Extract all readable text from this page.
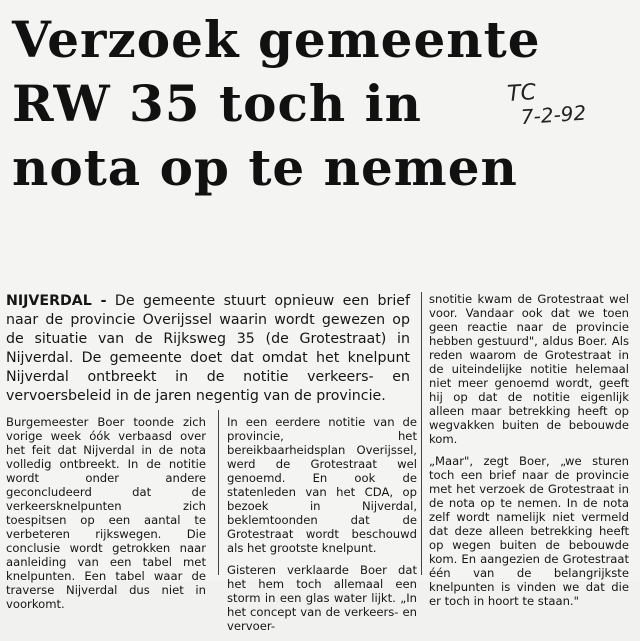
Verzoek gemeente
RW 35 toch in
nota op te nemen
TC
7-2-92

NIJVERDAL - De gemeente stuurt opnieuw een brief naar de provincie Overijssel waarin wordt gewezen op de situatie van de Rijksweg 35 (de Grotestraat) in Nijverdal. De gemeente doet dat omdat het knelpunt Nijverdal ontbreekt in de notitie verkeers- en vervoersbeleid in de jaren negentig van de provincie.

Burgemeester Boer toonde zich vorige week óók verbaasd over het feit dat Nijverdal in de nota volledig ontbreekt. In de notitie wordt onder andere geconcludeerd dat de verkeersknelpunten zich toespitsen op een aantal te verbeteren rijkswegen. Die conclusie wordt getrokken naar aanleiding van een tabel met knelpunten. Een tabel waar de traverse Nijverdal dus niet in voorkomt.

In een eerdere notitie van de provincie, het bereikbaarheidsplan Overijssel, werd de Grotestraat wel genoemd. En ook de statenleden van het CDA, op bezoek in Nijverdal, beklemtoonden dat de Grotestraat wordt beschouwd als het grootste knelpunt.

Gisteren verklaarde Boer dat het hem toch allemaal een storm in een glas water lijkt. „In het concept van de verkeers- en vervoer-

snotitie kwam de Grotestraat wel voor. Vandaar ook dat we toen geen reactie naar de provincie hebben gestuurd", aldus Boer. Als reden waarom de Grotestraat in de uiteindelijke notitie helemaal niet meer genoemd wordt, geeft hij op dat de notitie eigenlijk alleen maar betrekking heeft op wegvakken buiten de bebouwde kom.

„Maar", zegt Boer, „we sturen toch een brief naar de provincie met het verzoek de Grotestraat in de nota op te nemen. In de nota zelf wordt namelijk niet vermeld dat deze alleen betrekking heeft op wegen buiten de bebouwde kom. En aangezien de Grotestraat één van de belangrijkste knelpunten is vinden we dat die er toch in hoort te staan."
